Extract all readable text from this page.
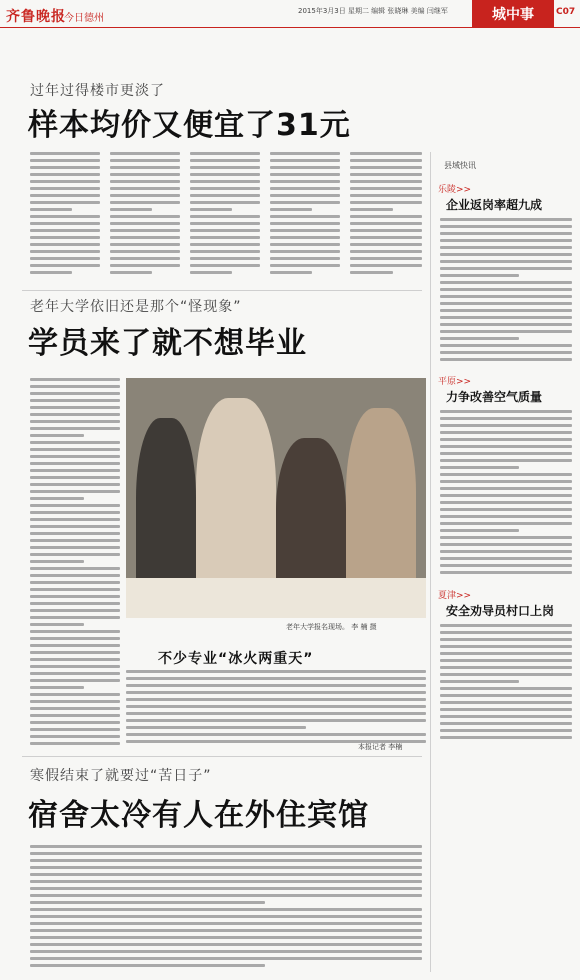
齐鲁晚报
今日德州
2015年3月3日 星期二 编辑 张晓琳 美编 闫继军	城中事	C07
过年过得楼市更淡了
样本均价又便宜了31元
老年大学依旧还是那个“怪现象”
学员来了就不想毕业
老年大学报名现场。 李 楠 摄
不少专业“冰火两重天”
本报记者 李楠
寒假结束了就要过“苦日子”
宿舍太冷有人在外住宾馆
县域快讯
乐陵>>
企业返岗率超九成
平原>>
力争改善空气质量
夏津>>
安全劝导员村口上岗
